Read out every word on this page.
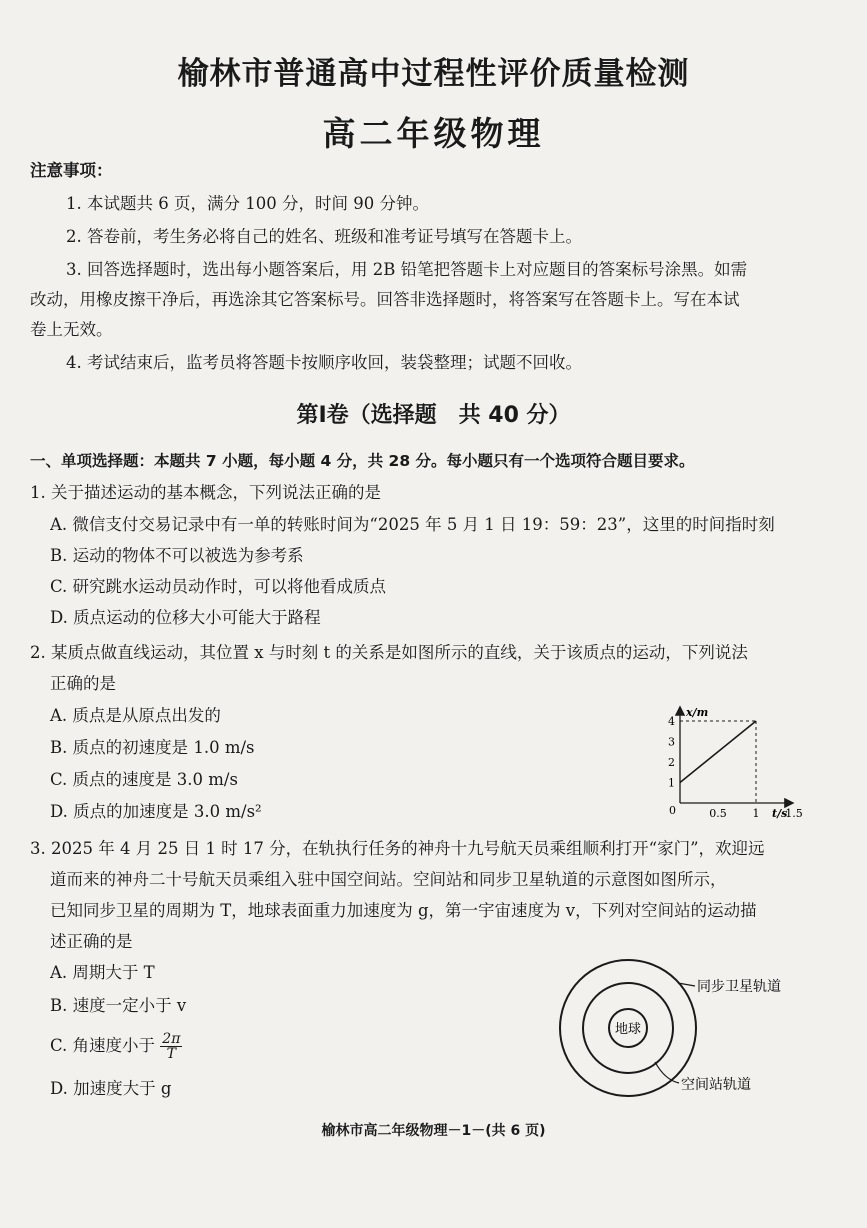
榆林市普通高中过程性评价质量检测
高二年级物理
注意事项：
1. 本试题共 6 页，满分 100 分，时间 90 分钟。
2. 答卷前，考生务必将自己的姓名、班级和准考证号填写在答题卡上。
3. 回答选择题时，选出每小题答案后，用 2B 铅笔把答题卡上对应题目的答案标号涂黑。如需
改动，用橡皮擦干净后，再选涂其它答案标号。回答非选择题时，将答案写在答题卡上。写在本试
卷上无效。
4. 考试结束后，监考员将答题卡按顺序收回，装袋整理；试题不回收。
第Ⅰ卷（选择题　共 40 分）
一、单项选择题：本题共 7 小题，每小题 4 分，共 28 分。每小题只有一个选项符合题目要求。
1. 关于描述运动的基本概念，下列说法正确的是
A. 微信支付交易记录中有一单的转账时间为“2025 年 5 月 1 日 19：59：23”，这里的时间指时刻
B. 运动的物体不可以被选为参考系
C. 研究跳水运动员动作时，可以将他看成质点
D. 质点运动的位移大小可能大于路程
2. 某质点做直线运动，其位置 x 与时刻 t 的关系是如图所示的直线，关于该质点的运动，下列说法
正确的是
A. 质点是从原点出发的
B. 质点的初速度是 1.0 m/s
C. 质点的速度是 3.0 m/s
D. 质点的加速度是 3.0 m/s²
x/m
t/s
0
4
3
2
1
0.5 1 1.5
3. 2025 年 4 月 25 日 1 时 17 分，在轨执行任务的神舟十九号航天员乘组顺利打开“家门”，欢迎远
道而来的神舟二十号航天员乘组入驻中国空间站。空间站和同步卫星轨道的示意图如图所示，
已知同步卫星的周期为 T，地球表面重力加速度为 g，第一宇宙速度为 v，下列对空间站的运动描
述正确的是
A. 周期大于 T
B. 速度一定小于 v
C. 角速度小于 $\frac{2\pi}{T}$
D. 加速度大于 g
地球
同步卫星轨道
空间站轨道
榆林市高二年级物理－1－(共 6 页)
